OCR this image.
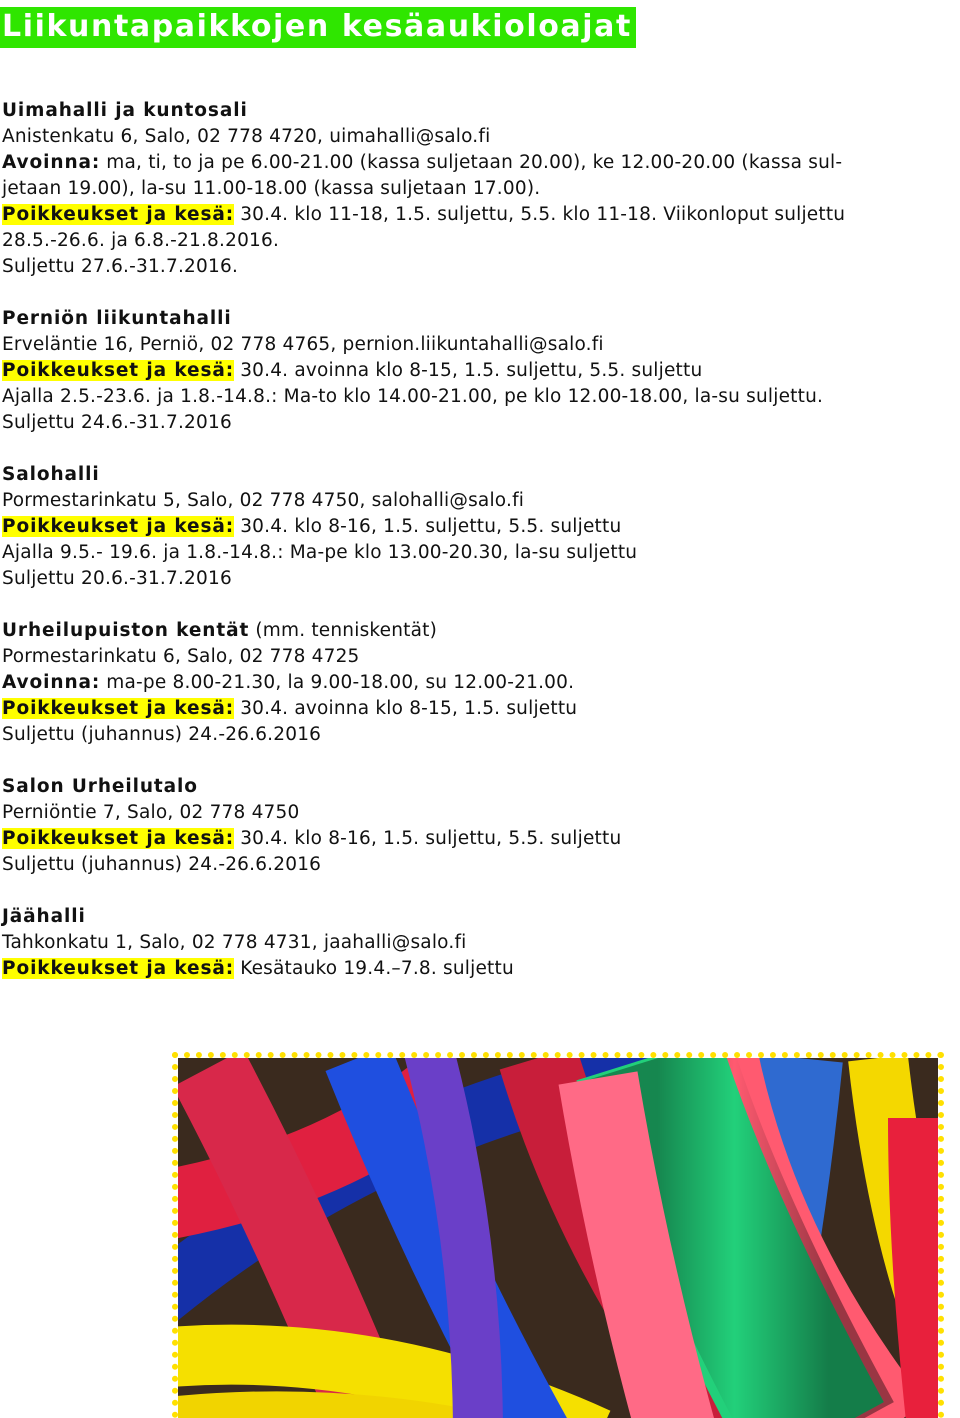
Liikuntapaikkojen kesäaukioloajat
Uimahalli ja kuntosali
Anistenkatu 6, Salo, 02 778 4720, uimahalli@salo.fi
Avoinna: ma, ti, to ja pe 6.00-21.00 (kassa suljetaan 20.00), ke 12.00-20.00 (kassa sul-
jetaan 19.00), la-su 11.00-18.00 (kassa suljetaan 17.00).
Poikkeukset ja kesä: 30.4. klo 11-18, 1.5. suljettu, 5.5. klo 11-18. Viikonloput suljettu
28.5.-26.6. ja 6.8.-21.8.2016.
Suljettu 27.6.-31.7.2016.
Perniön liikuntahalli
Erveläntie 16, Perniö, 02 778 4765, pernion.liikuntahalli@salo.fi
Poikkeukset ja kesä: 30.4. avoinna klo 8-15, 1.5. suljettu, 5.5. suljettu
Ajalla 2.5.-23.6. ja 1.8.-14.8.: Ma-to klo 14.00-21.00, pe klo 12.00-18.00, la-su suljettu.
Suljettu 24.6.-31.7.2016
Salohalli
Pormestarinkatu 5, Salo, 02 778 4750, salohalli@salo.fi
Poikkeukset ja kesä: 30.4. klo 8-16, 1.5. suljettu, 5.5. suljettu
Ajalla 9.5.- 19.6. ja 1.8.-14.8.: Ma-pe klo 13.00-20.30, la-su suljettu
Suljettu 20.6.-31.7.2016
Urheilupuiston kentät (mm. tenniskentät)
Pormestarinkatu 6, Salo, 02 778 4725
Avoinna: ma-pe 8.00-21.30, la 9.00-18.00, su 12.00-21.00.
Poikkeukset ja kesä: 30.4. avoinna klo 8-15, 1.5. suljettu
Suljettu (juhannus) 24.-26.6.2016
Salon Urheilutalo
Perniöntie 7, Salo, 02 778 4750
Poikkeukset ja kesä: 30.4. klo 8-16, 1.5. suljettu, 5.5. suljettu
Suljettu (juhannus) 24.-26.6.2016
Jäähalli
Tahkonkatu 1, Salo, 02 778 4731, jaahalli@salo.fi
Poikkeukset ja kesä: Kesätauko 19.4.–7.8. suljettu
